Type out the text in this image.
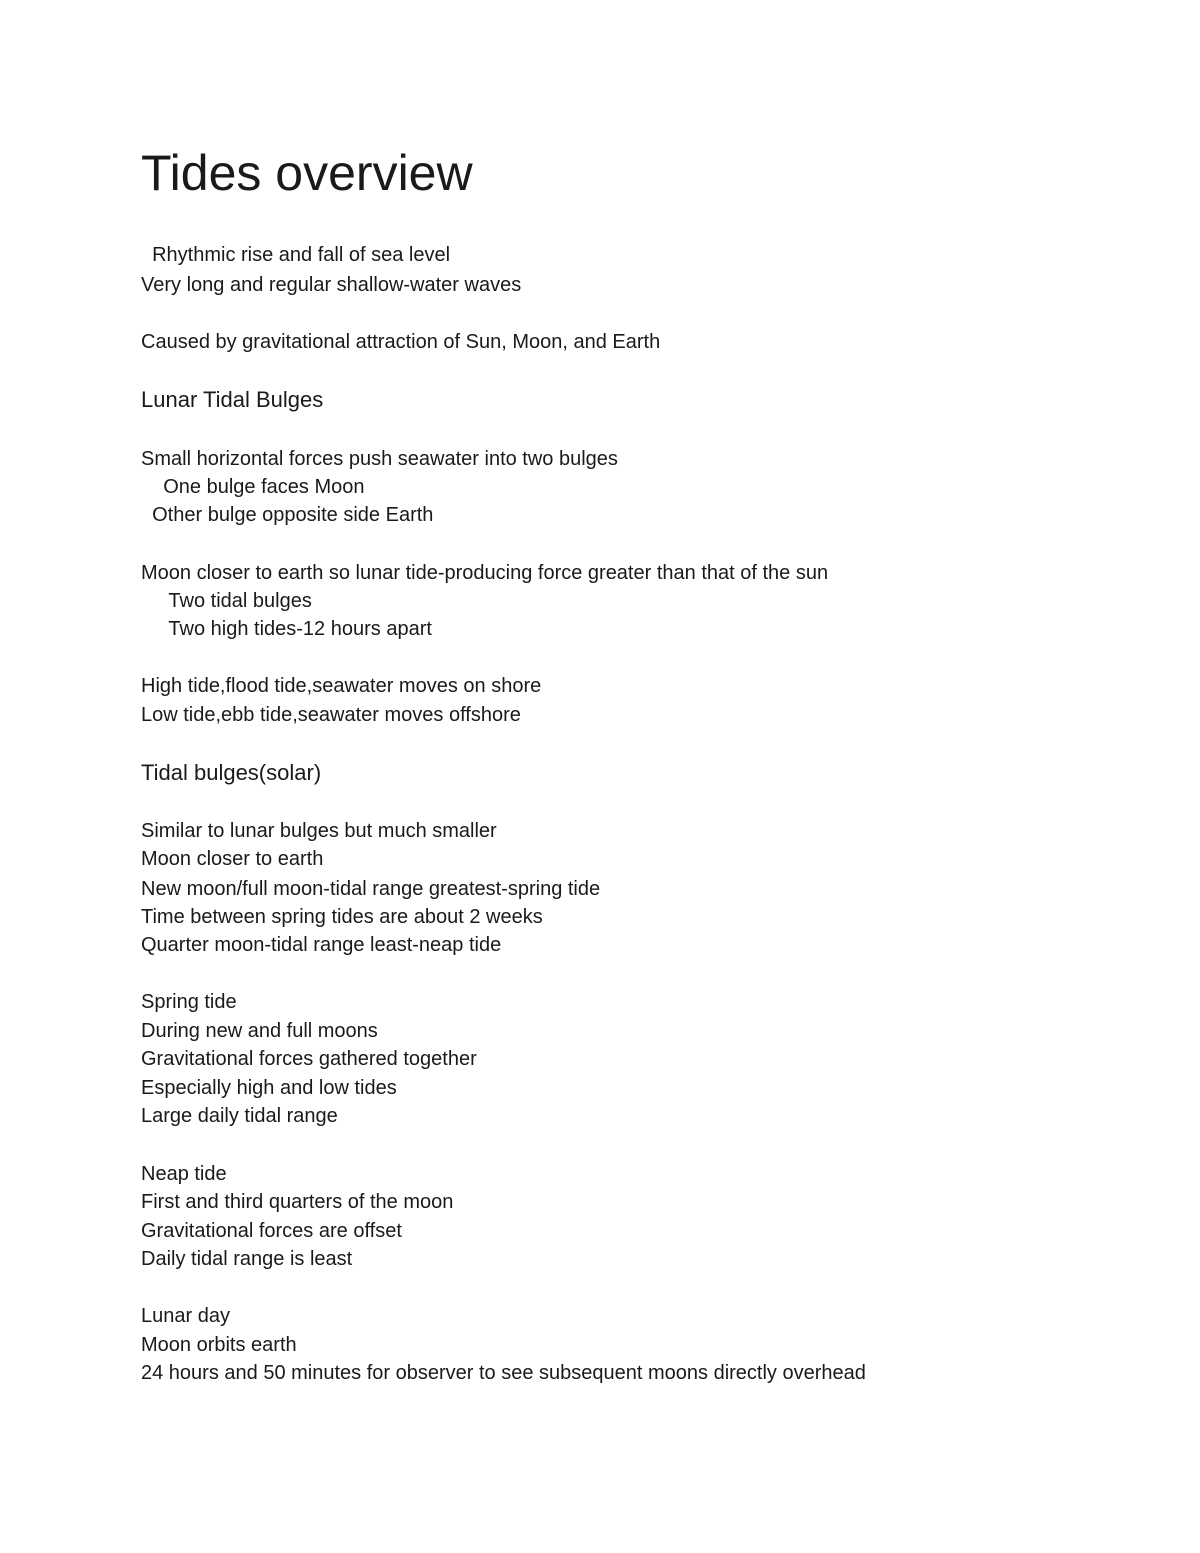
Tides overview
Rhythmic rise and fall of sea level
Very long and regular shallow-water waves
Caused by gravitational attraction of Sun, Moon, and Earth
Lunar Tidal Bulges
Small horizontal forces push seawater into two bulges
One bulge faces Moon
Other bulge opposite side Earth
Moon closer to earth so lunar tide-producing force greater than that of the sun
Two tidal bulges
Two high tides-12 hours apart
High tide,flood tide,seawater moves on shore
Low tide,ebb tide,seawater moves offshore
Tidal bulges(solar)
Similar to lunar bulges but much smaller
Moon closer to earth
New moon/full moon-tidal range greatest-spring tide
Time between spring tides are about 2 weeks
Quarter moon-tidal range least-neap tide
Spring tide
During new and full moons
Gravitational forces gathered together
Especially high and low tides
Large daily tidal range
Neap tide
First and third quarters of the moon
Gravitational forces are offset
Daily tidal range is least
Lunar day
Moon orbits earth
24 hours and 50 minutes for observer to see subsequent moons directly overhead
